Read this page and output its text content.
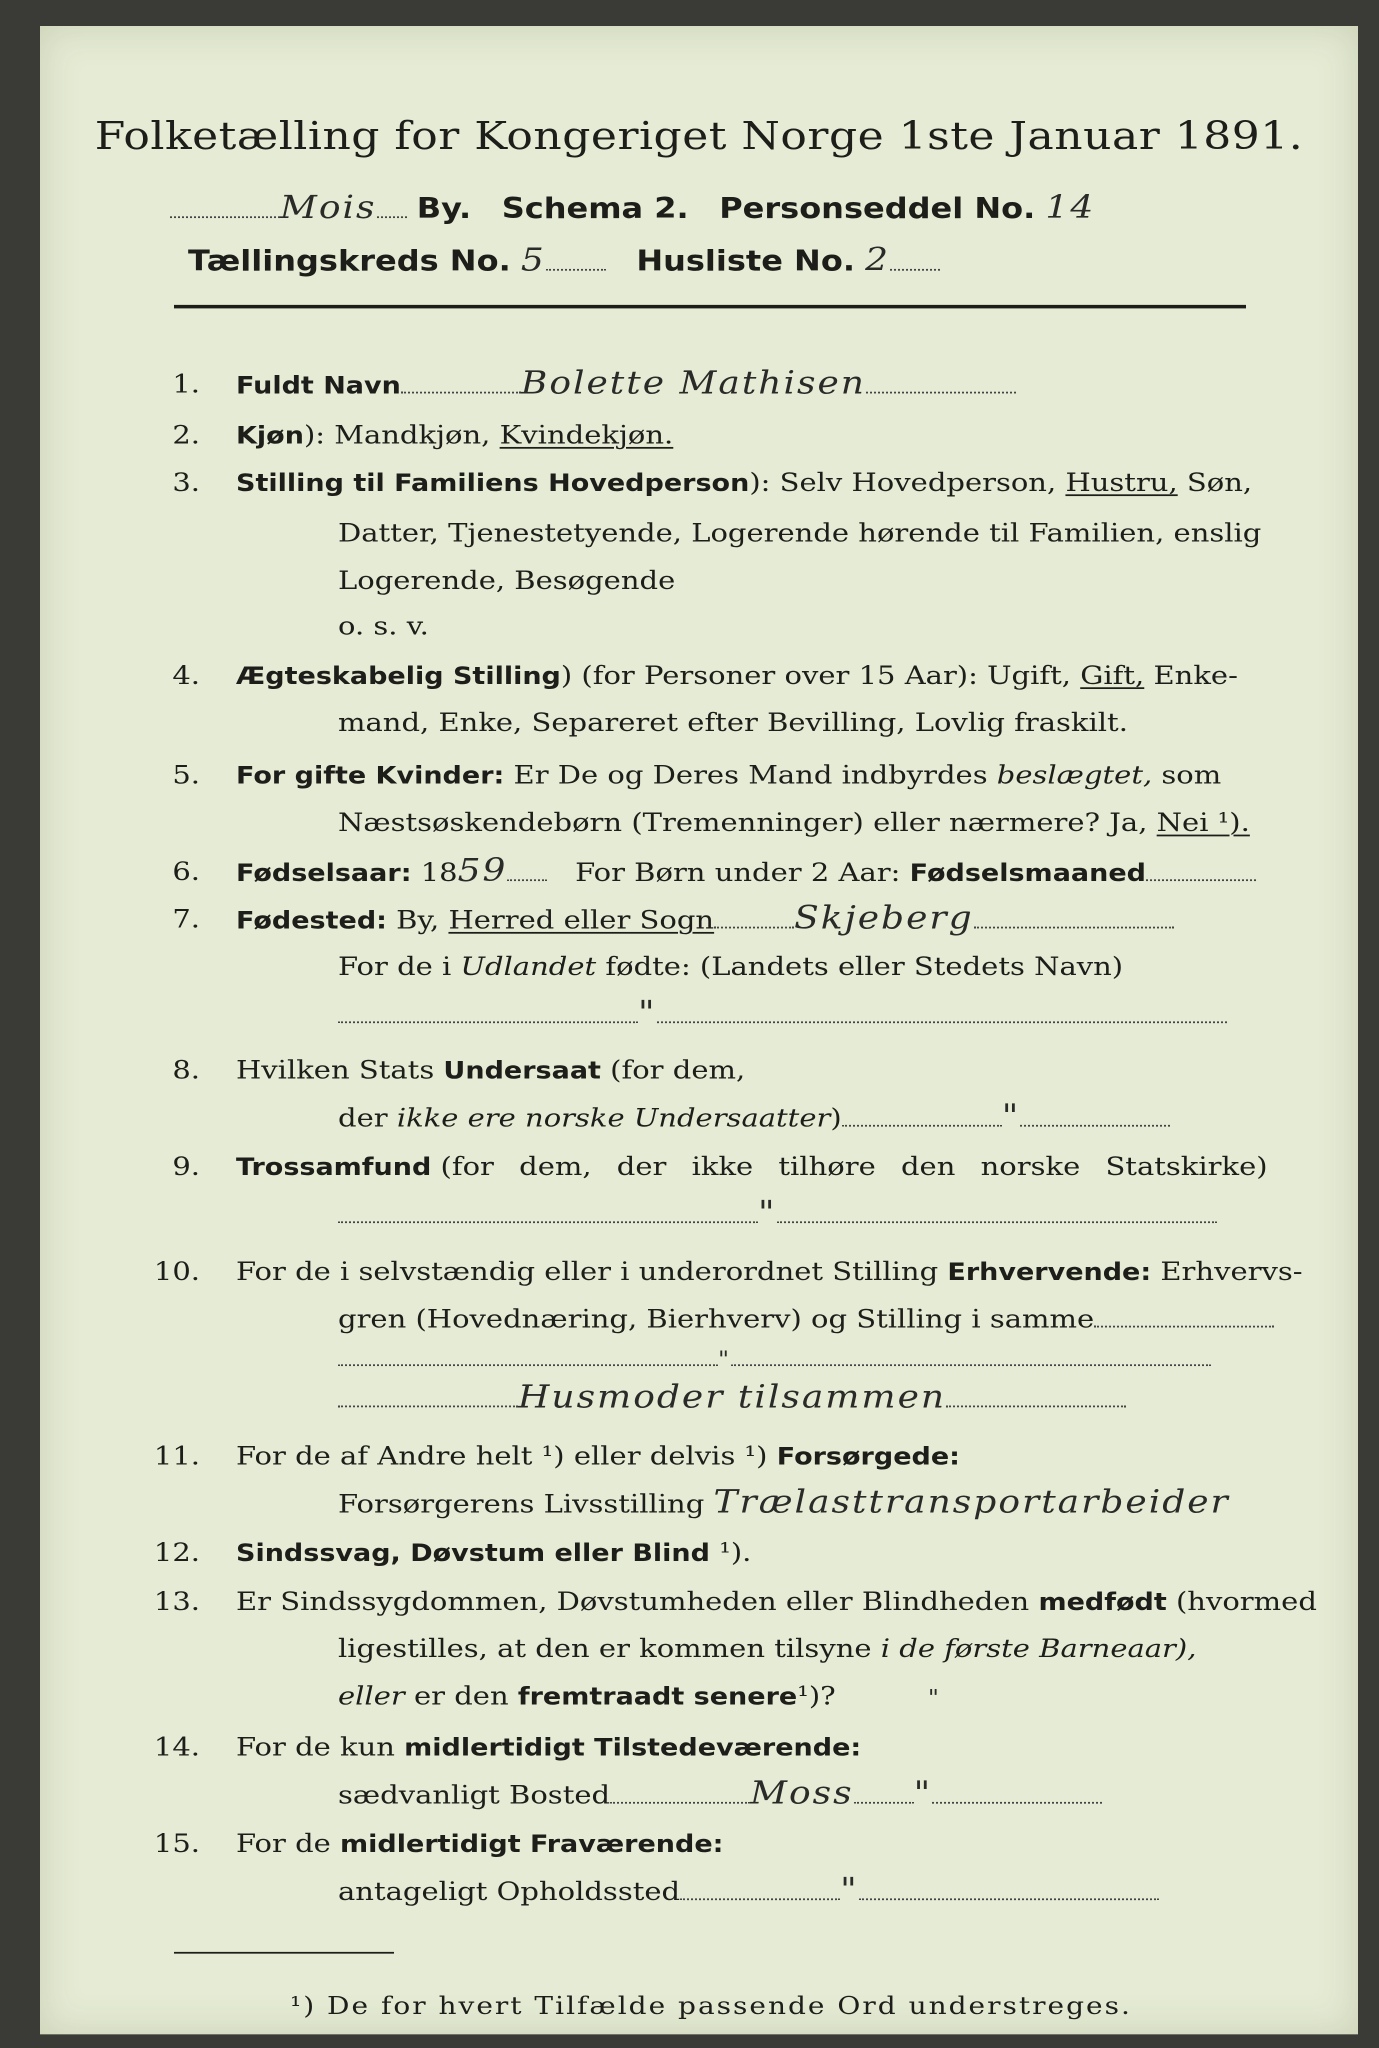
Folketælling for Kongeriget Norge 1ste Januar 1891.
Mois By. Schema 2. Personseddel No. 14
Tællingskreds No. 5	Husliste No. 2
1. Fuldt Navn	Bolette Mathisen
2. Kjøn): Mandkjøn, Kvindekjøn.
3. Stilling til Familiens Hovedperson): Selv Hovedperson, Hustru, Søn,
Datter, Tjenestetyende, Logerende hørende til Familien, enslig
Logerende, Besøgende
o. s. v.
4. Ægteskabelig Stilling) (for Personer over 15 Aar): Ugift, Gift, Enke-
mand, Enke, Separeret efter Bevilling, Lovlig fraskilt.
5. For gifte Kvinder: Er De og Deres Mand indbyrdes beslægtet, som
Næstsøskendebørn (Tremenninger) eller nærmere? Ja, Nei ¹).
6. Fødselsaar: 1859 For Børn under 2 Aar: Fødselsmaaned
7. Fødested: By, Herred eller Sogn Skjeberg
For de i Udlandet fødte: (Landets eller Stedets Navn)
"
8. Hvilken Stats Undersaat (for dem,
der ikke ere norske Undersaatter)	"
9. Trossamfund (for dem, der ikke tilhøre den norske Statskirke)
"
10. For de i selvstændig eller i underordnet Stilling Erhvervende: Erhvervs-
gren (Hovednæring, Bierhverv) og Stilling i samme
"
Husmoder tilsammen
11. For de af Andre helt ¹) eller delvis ¹) Forsørgede:
Forsørgerens Livsstilling Trælasttransportarbeider
12. Sindssvag, Døvstum eller Blind ¹).
13. Er Sindssygdommen, Døvstumheden eller Blindheden medfødt (hvormed
ligestilles, at den er kommen tilsyne i de første Barneaar),
eller er den fremtraadt senere¹)?	"
14. For de kun midlertidigt Tilstedeværende:
sædvanligt Bosted	Moss "
15. For de midlertidigt Fraværende:
antageligt Opholdssted	"
¹) De for hvert Tilfælde passende Ord understreges.
